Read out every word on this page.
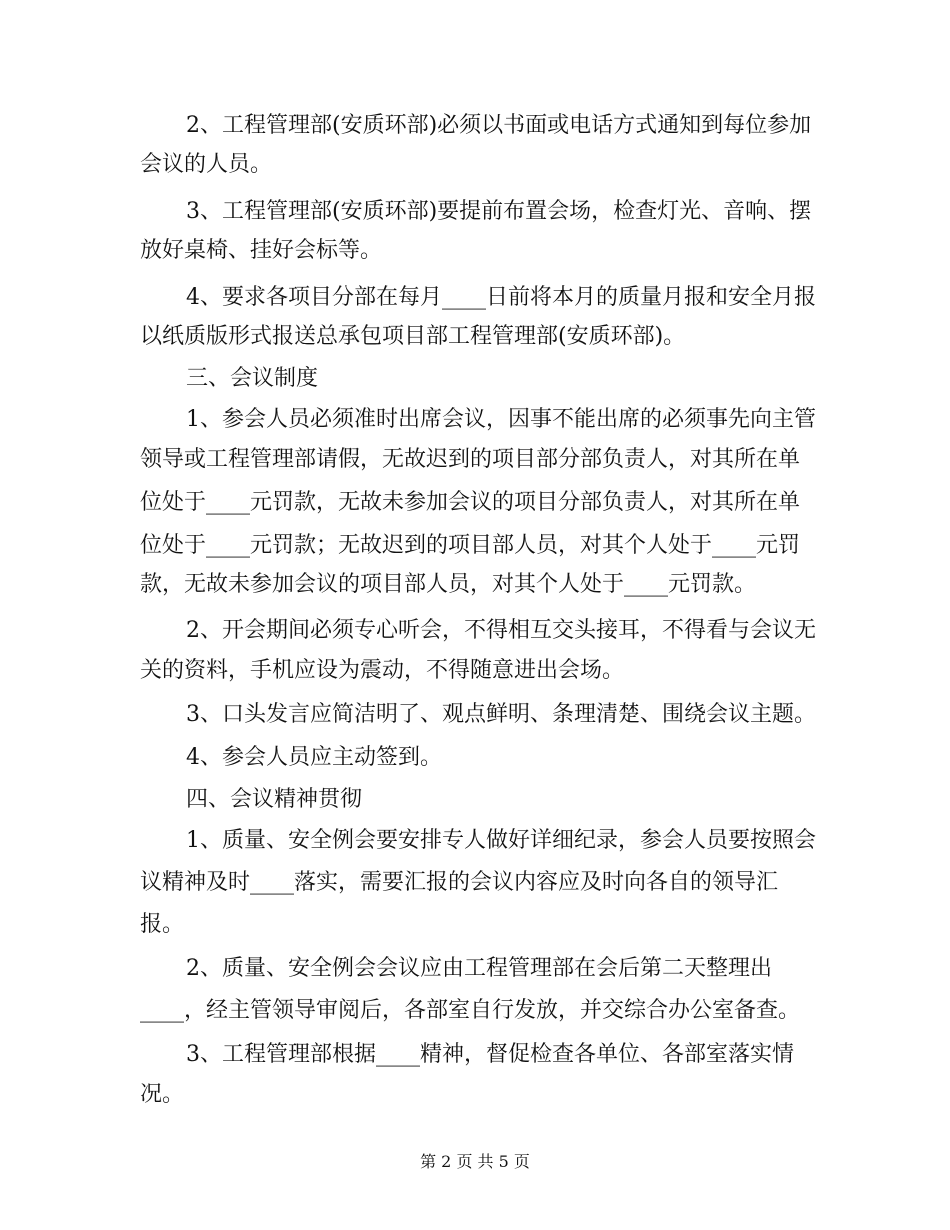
2、工程管理部(安质环部)必须以书面或电话方式通知到每位参加
会议的人员。
3、工程管理部(安质环部)要提前布置会场，检查灯光、音响、摆
放好桌椅、挂好会标等。
4、要求各项目分部在每月____日前将本月的质量月报和安全月报
以纸质版形式报送总承包项目部工程管理部(安质环部)。
三、会议制度
1、参会人员必须准时出席会议，因事不能出席的必须事先向主管
领导或工程管理部请假，无故迟到的项目部分部负责人，对其所在单
位处于____元罚款，无故未参加会议的项目分部负责人，对其所在单
位处于____元罚款；无故迟到的项目部人员，对其个人处于____元罚
款，无故未参加会议的项目部人员，对其个人处于____元罚款。
2、开会期间必须专心听会，不得相互交头接耳，不得看与会议无
关的资料，手机应设为震动，不得随意进出会场。
3、口头发言应简洁明了、观点鲜明、条理清楚、围绕会议主题。
4、参会人员应主动签到。
四、会议精神贯彻
1、质量、安全例会要安排专人做好详细纪录，参会人员要按照会
议精神及时____落实，需要汇报的会议内容应及时向各自的领导汇
报。
2、质量、安全例会会议应由工程管理部在会后第二天整理出
____，经主管领导审阅后，各部室自行发放，并交综合办公室备查。
3、工程管理部根据____精神，督促检查各单位、各部室落实情
况。
第 2 页 共 5 页
